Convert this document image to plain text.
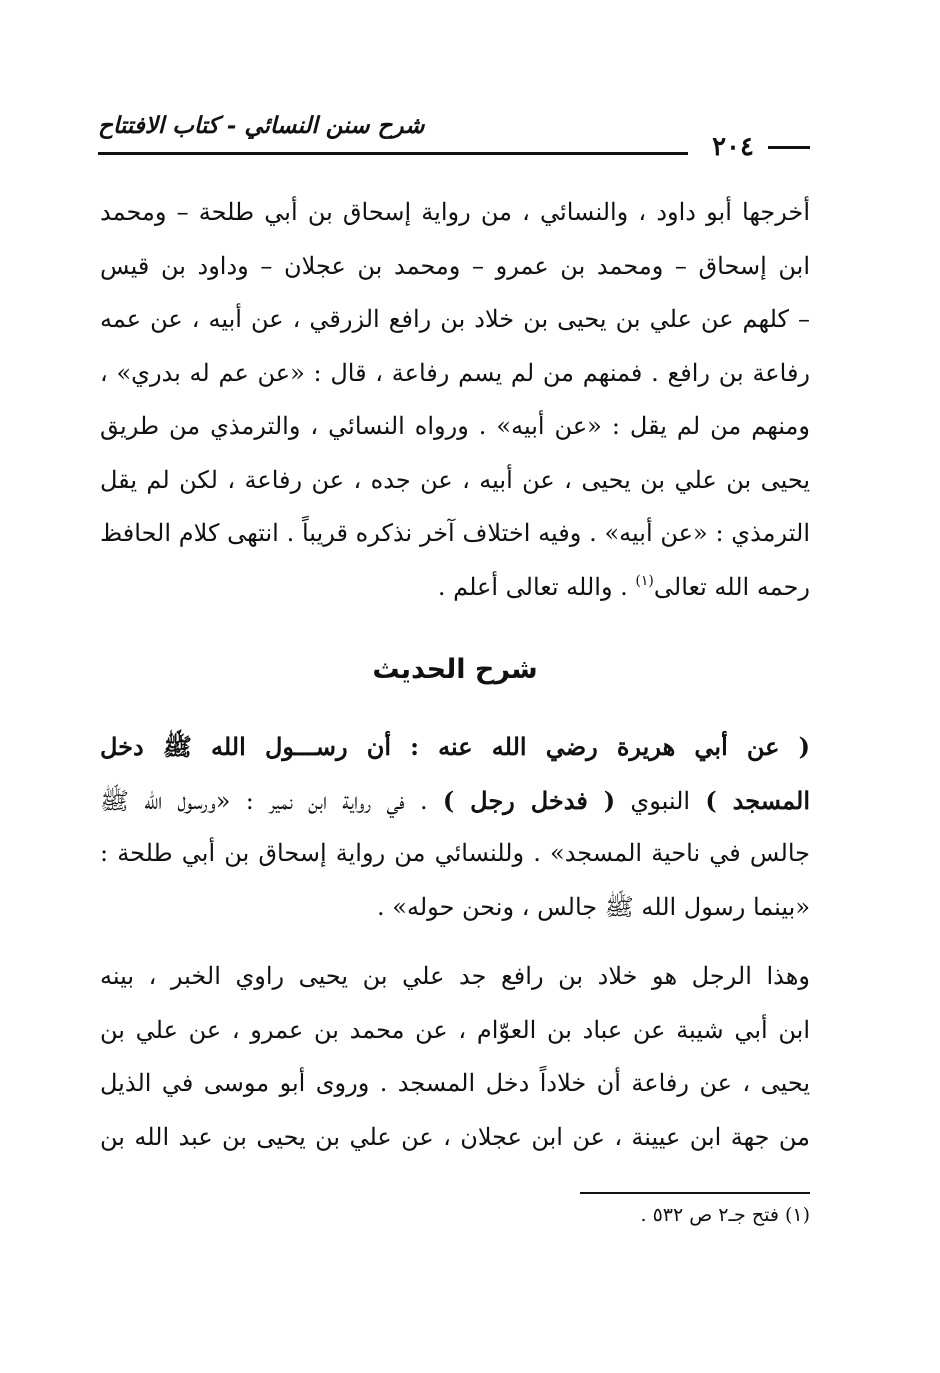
٢٠٤
شرح سنن النسائي - كتاب الافتتاح
أخرجها أبو داود ، والنسائي ، من رواية إسحاق بن أبي طلحة – ومحمد
ابن إسحاق – ومحمد بن عمرو – ومحمد بن عجلان – وداود بن قيس
– كلهم عن علي بن يحيى بن خلاد بن رافع الزرقي ، عن أبيه ، عن عمه
رفاعة بن رافع . فمنهم من لم يسم رفاعة ، قال : «عن عم له بدري» ،
ومنهم من لم يقل : «عن أبيه» . ورواه النسائي ، والترمذي من طريق
يحيى بن علي بن يحيى ، عن أبيه ، عن جده ، عن رفاعة ، لكن لم يقل
الترمذي : «عن أبيه» . وفيه اختلاف آخر نذكره قريباً . انتهى كلام الحافظ
رحمه الله تعالى$^{(١)}$ . والله تعالى أعلم .
شرح الحديث
( عن أبي هريرة رضي الله عنه : أن رســـول الله ﷺ دخل
المسجد ) النبوي ( فدخل رجل ) . في رواية ابن نمير : «ورسول الله ﷺ
جالس في ناحية المسجد» . وللنسائي من رواية إسحاق بن أبي طلحة :
«بينما رسول الله ﷺ جالس ، ونحن حوله» .
وهذا الرجل هو خلاد بن رافع جد علي بن يحيى راوي الخبر ، بينه
ابن أبي شيبة عن عباد بن العوّام ، عن محمد بن عمرو ، عن علي بن
يحيى ، عن رفاعة أن خلاداً دخل المسجد . وروى أبو موسى في الذيل
من جهة ابن عيينة ، عن ابن عجلان ، عن علي بن يحيى بن عبد الله بن
(١) فتح جـ٢ ص ٥٣٢ .
